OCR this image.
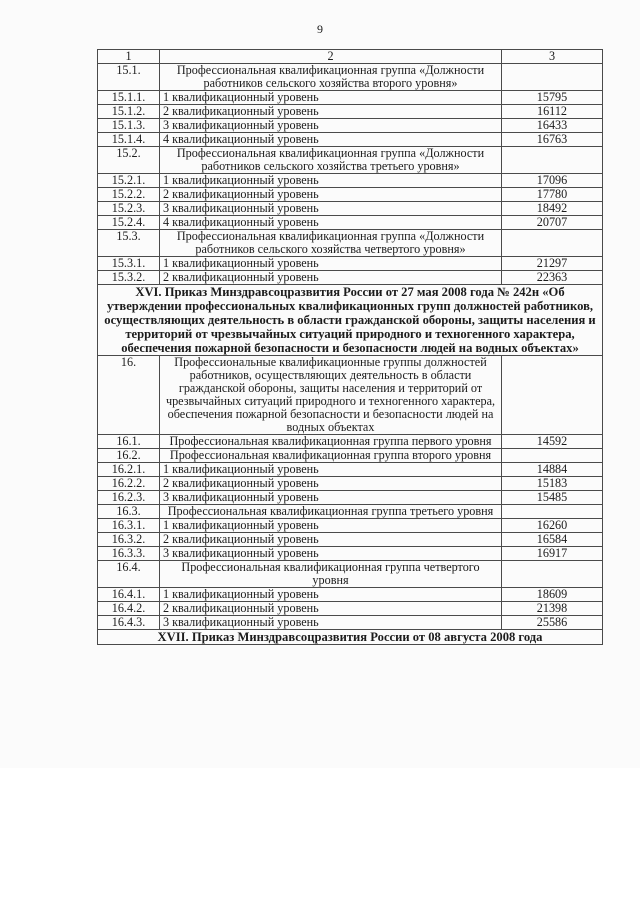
9
1	2	3
15.1.	Профессиональная квалификационная группа «Должности работников сельского хозяйства второго уровня»	
15.1.1.	1 квалификационный уровень	15795
15.1.2.	2 квалификационный уровень	16112
15.1.3.	3 квалификационный уровень	16433
15.1.4.	4 квалификационный уровень	16763
15.2.	Профессиональная квалификационная группа «Должности работников сельского хозяйства третьего уровня»	
15.2.1.	1 квалификационный уровень	17096
15.2.2.	2 квалификационный уровень	17780
15.2.3.	3 квалификационный уровень	18492
15.2.4.	4 квалификационный уровень	20707
15.3.	Профессиональная квалификационная группа «Должности работников сельского хозяйства четвертого уровня»	
15.3.1.	1 квалификационный уровень	21297
15.3.2.	2 квалификационный уровень	22363
XVI. Приказ Минздравсоцразвития России от 27 мая 2008 года № 242н «Об утверждении профессиональных квалификационных групп должностей работников, осуществляющих деятельность в области гражданской обороны, защиты населения и территорий от чрезвычайных ситуаций природного и техногенного характера, обеспечения пожарной безопасности и безопасности людей на водных объектах»		
16.	Профессиональные квалификационные группы должностей работников, осуществляющих деятельность в области гражданской обороны, защиты населения и территорий от чрезвычайных ситуаций природного и техногенного характера, обеспечения пожарной безопасности и безопасности людей на водных объектах	
16.1.	Профессиональная квалификационная группа первого уровня	14592
16.2.	Профессиональная квалификационная группа второго уровня	
16.2.1.	1 квалификационный уровень	14884
16.2.2.	2 квалификационный уровень	15183
16.2.3.	3 квалификационный уровень	15485
16.3.	Профессиональная квалификационная группа третьего уровня	
16.3.1.	1 квалификационный уровень	16260
16.3.2.	2 квалификационный уровень	16584
16.3.3.	3 квалификационный уровень	16917
16.4.	Профессиональная квалификационная группа четвертого уровня	
16.4.1.	1 квалификационный уровень	18609
16.4.2.	2 квалификационный уровень	21398
16.4.3.	3 квалификационный уровень	25586
XVII. Приказ Минздравсоцразвития России от 08 августа 2008 года		
